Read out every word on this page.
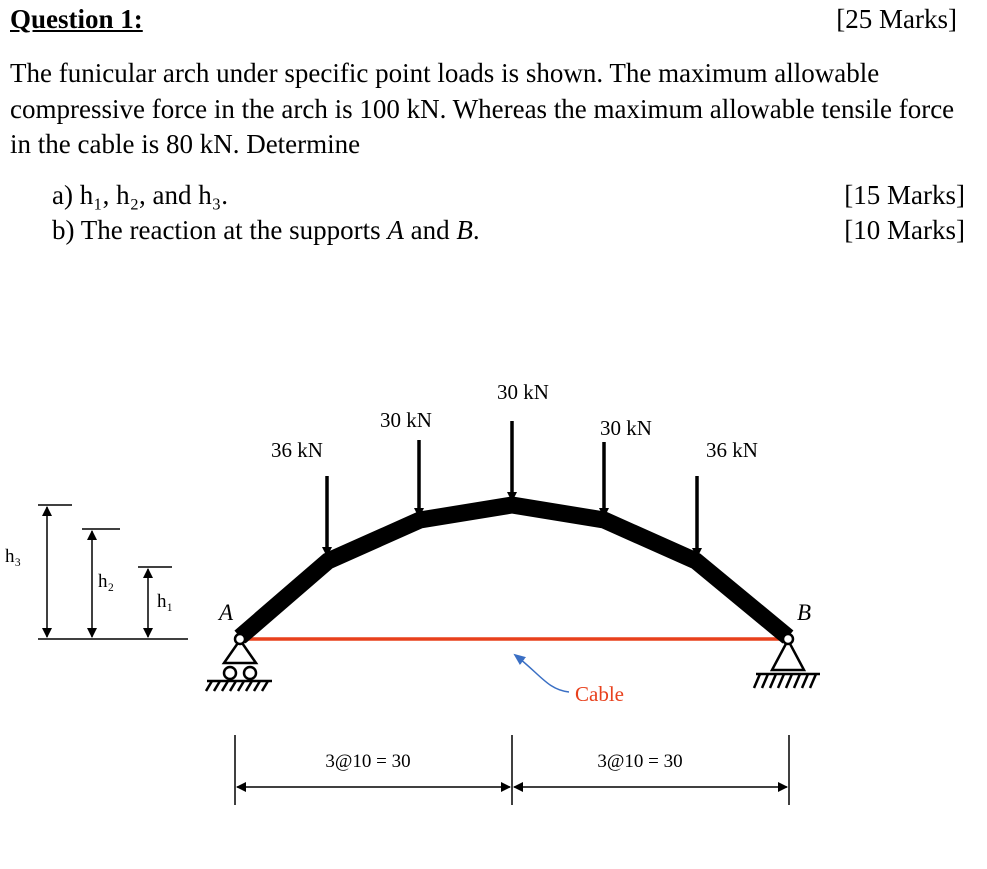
Question 1:	[25 Marks]
The funicular arch under specific point loads is shown. The maximum allowable compressive force in the arch is 100 kN. Whereas the maximum allowable tensile force in the cable is 80 kN. Determine
a) h₁, h₂, and h₃.	[15 Marks]
b) The reaction at the supports A and B.	[10 Marks]
36 kN
30 kN
30 kN
30 kN
36 kN
A	B
Cable
h₃
h₂
h₁
3@10 = 30	3@10 = 30
